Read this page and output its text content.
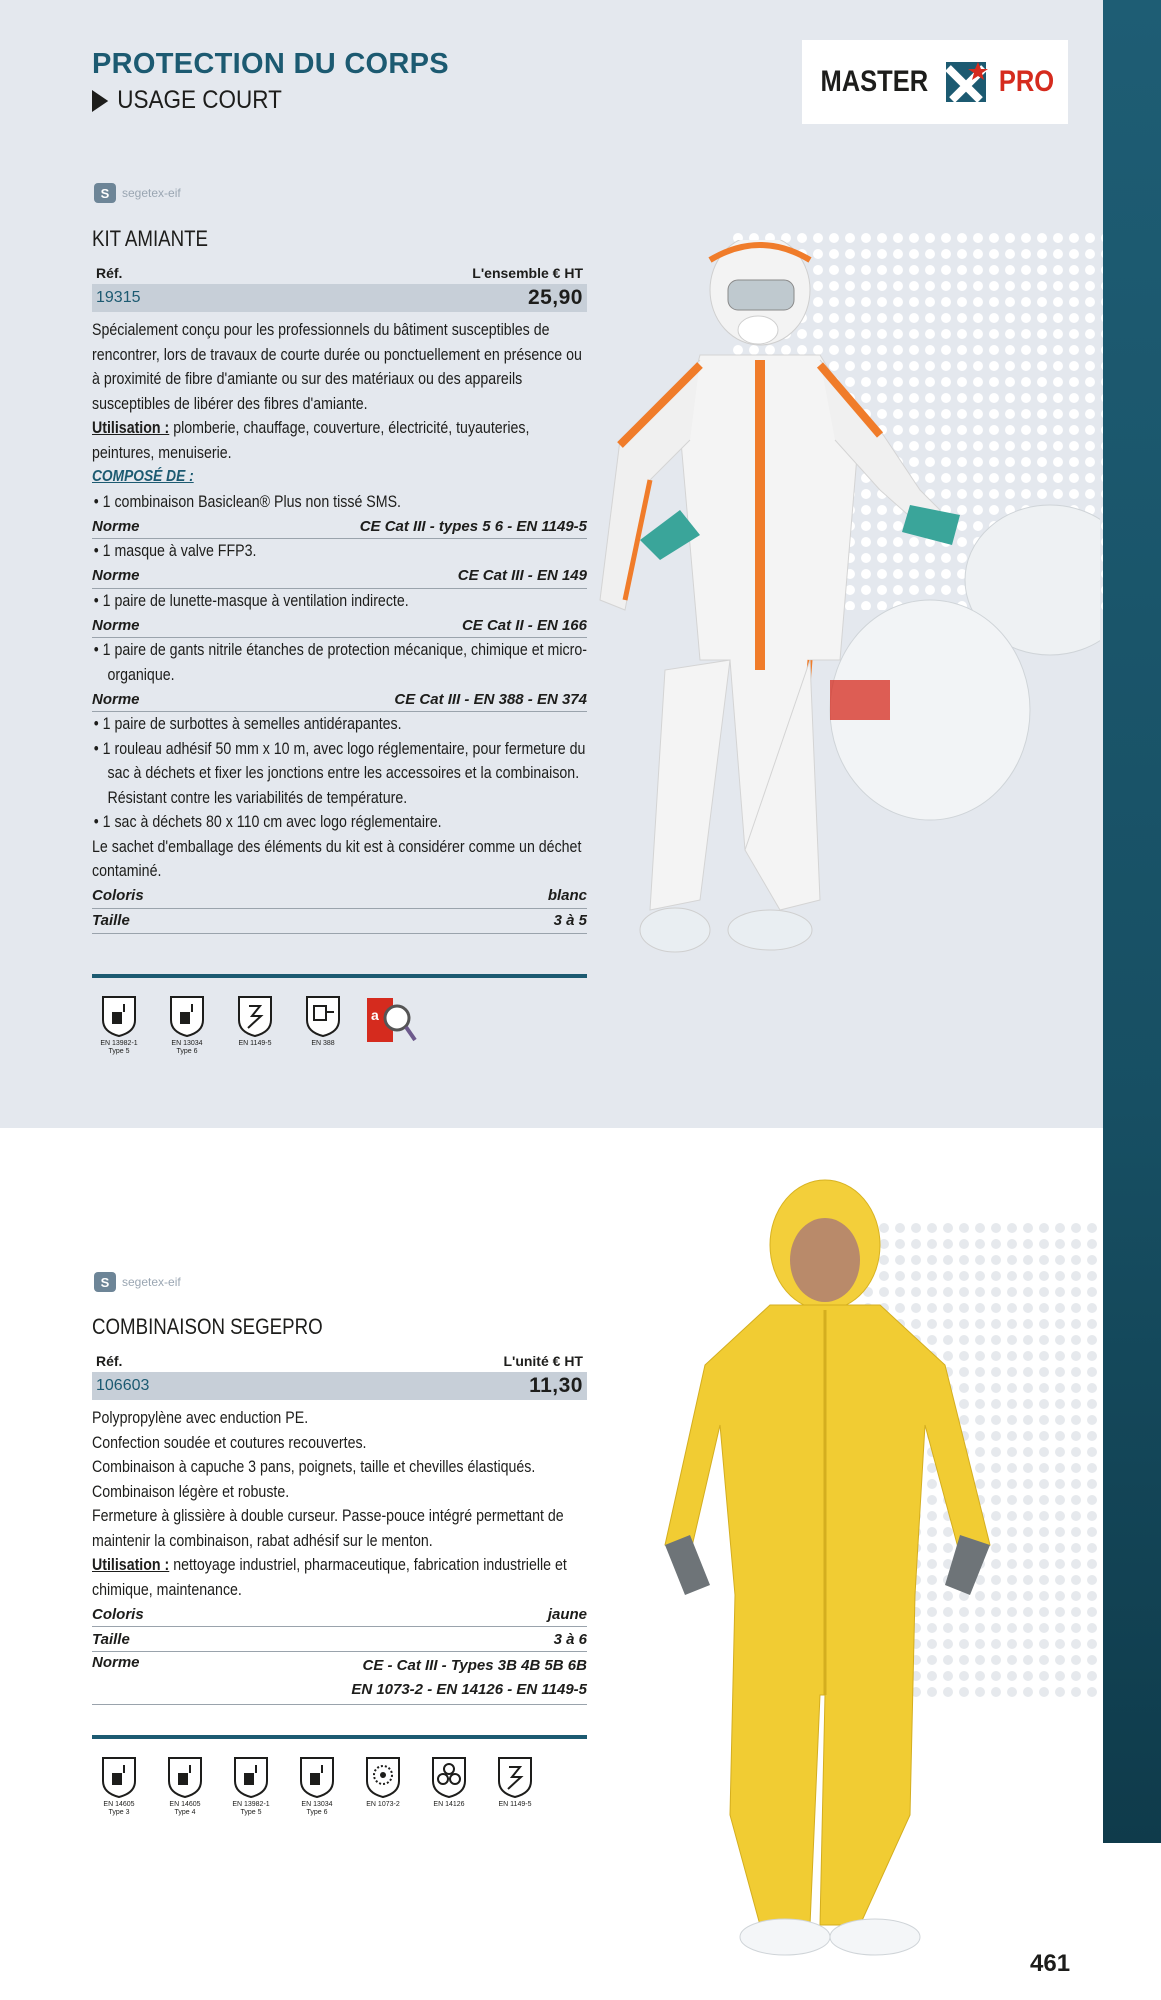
PROTECTION DU CORPS
USAGE COURT
MASTER PRO
S	segetex-eif
KIT AMIANTE
Réf.	L'ensemble € HT
19315	25,90

Spécialement conçu pour les professionnels du bâtiment susceptibles de rencontrer, lors de travaux de courte durée ou ponctuellement en présence ou à proximité de fibre d'amiante ou sur des matériaux ou des appareils susceptibles de libérer des fibres d'amiante.

Utilisation : plomberie, chauffage, couverture, électricité, tuyauteries, peintures, menuiserie.

COMPOSÉ DE :

• 1 combinaison Basiclean® Plus non tissé SMS.

Norme	CE Cat III - types 5 6 - EN 1149-5

• 1 masque à valve FFP3.

Norme	CE Cat III - EN 149

• 1 paire de lunette-masque à ventilation indirecte.

Norme	CE Cat II - EN 166

• 1 paire de gants nitrile étanches de protection mécanique, chimique et micro-organique.

Norme	CE Cat III - EN 388 - EN 374

• 1 paire de surbottes à semelles antidérapantes.

• 1 rouleau adhésif 50 mm x 10 m, avec logo réglementaire, pour fermeture du sac à déchets et fixer les jonctions entre les accessoires et la combinaison. Résistant contre les variabilités de température.

• 1 sac à déchets 80 x 110 cm avec logo réglementaire.

Le sachet d'emballage des éléments du kit est à considérer comme un déchet contaminé.

Coloris	blanc
Taille	3 à 5
EN 13982-1
Type 5
EN 13034
Type 6
EN 1149-5	EN 388

a
S	segetex-eif
COMBINAISON SEGEPRO
Réf.	L'unité € HT
106603	11,30

Polypropylène avec enduction PE.

Confection soudée et coutures recouvertes.

Combinaison à capuche 3 pans, poignets, taille et chevilles élastiqués.

Combinaison légère et robuste.

Fermeture à glissière à double curseur. Passe-pouce intégré permettant de maintenir la combinaison, rabat adhésif sur le menton.

Utilisation : nettoyage industriel, pharmaceutique, fabrication industrielle et chimique, maintenance.

Coloris	jaune
Taille	3 à 6
Norme	CE - Cat III - Types 3B 4B 5B 6B
EN 1073-2 - EN 14126 - EN 1149-5
EN 14605
Type 3
EN 14605
Type 4
EN 13982-1
Type 5
EN 13034
Type 6
EN 1073-2	EN 14126	EN 1149-5

461
